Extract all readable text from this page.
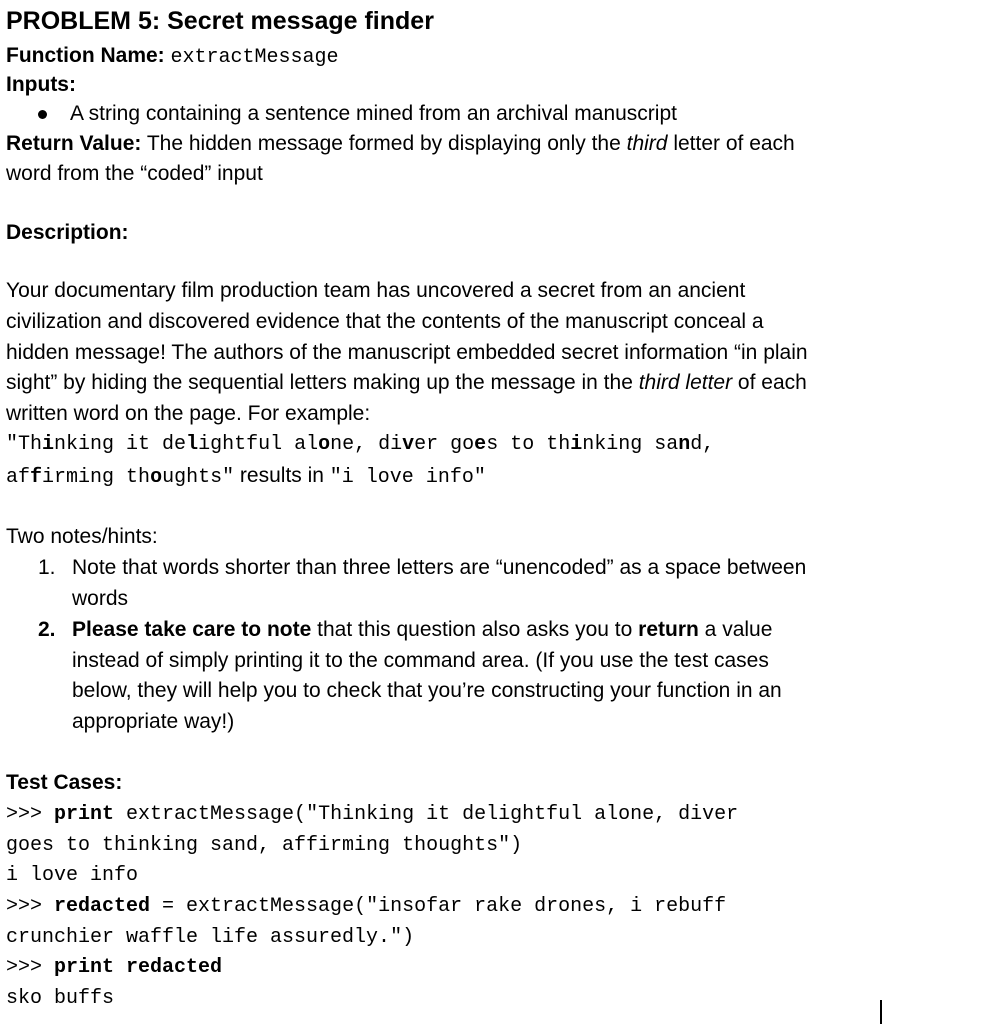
PROBLEM 5: Secret message finder
Function Name: extractMessage
Inputs:
A string containing a sentence mined from an archival manuscript
Return Value: The hidden message formed by displaying only the third letter of each
word from the “coded” input
Description:
Your documentary film production team has uncovered a secret from an ancient
civilization and discovered evidence that the contents of the manuscript conceal a
hidden message! The authors of the manuscript embedded secret information “in plain
sight” by hiding the sequential letters making up the message in the third letter of each
written word on the page. For example:
"Thinking it delightful alone, diver goes to thinking sand,
affirming thoughts" results in "i love info"
Two notes/hints:
1. Note that words shorter than three letters are “unencoded” as a space between
words
2. Please take care to note that this question also asks you to return a value
instead of simply printing it to the command area. (If you use the test cases
below, they will help you to check that you’re constructing your function in an
appropriate way!)
Test Cases:
>>> print extractMessage("Thinking it delightful alone, diver
goes to thinking sand, affirming thoughts")
i love info
>>> redacted = extractMessage("insofar rake drones, i rebuff
crunchier waffle life assuredly.")
>>> print redacted
sko buffs
